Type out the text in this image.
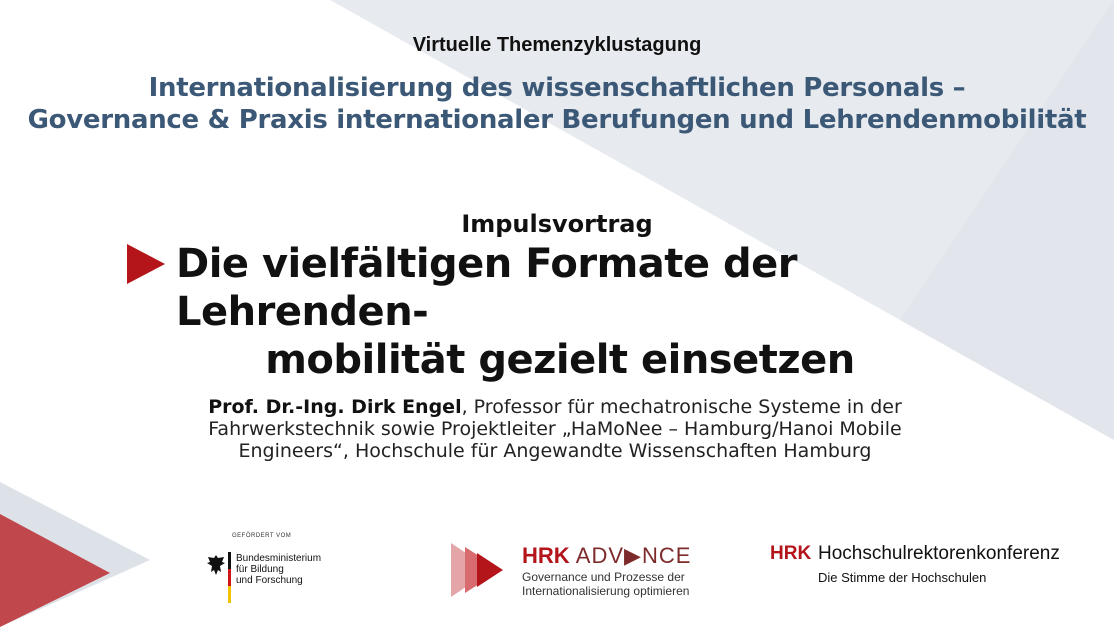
Virtuelle Themenzyklustagung
Internationalisierung des wissenschaftlichen Personals –
Governance & Praxis internationaler Berufungen und Lehrendenmobilität
Impulsvortrag
Die vielfältigen Formate der Lehrenden-
mobilität gezielt einsetzen
Prof. Dr.-Ing. Dirk Engel, Professor für mechatronische Systeme in der
Fahrwerkstechnik sowie Projektleiter „HaMoNee – Hamburg/Hanoi Mobile
Engineers“, Hochschule für Angewandte Wissenschaften Hamburg
GEFÖRDERT VOM
Bundesministerium
für Bildung
und Forschung
HRK ADV▶NCE
Governance und Prozesse der
Internationalisierung optimieren
HRK Hochschulrektorenkonferenz
Die Stimme der Hochschulen
